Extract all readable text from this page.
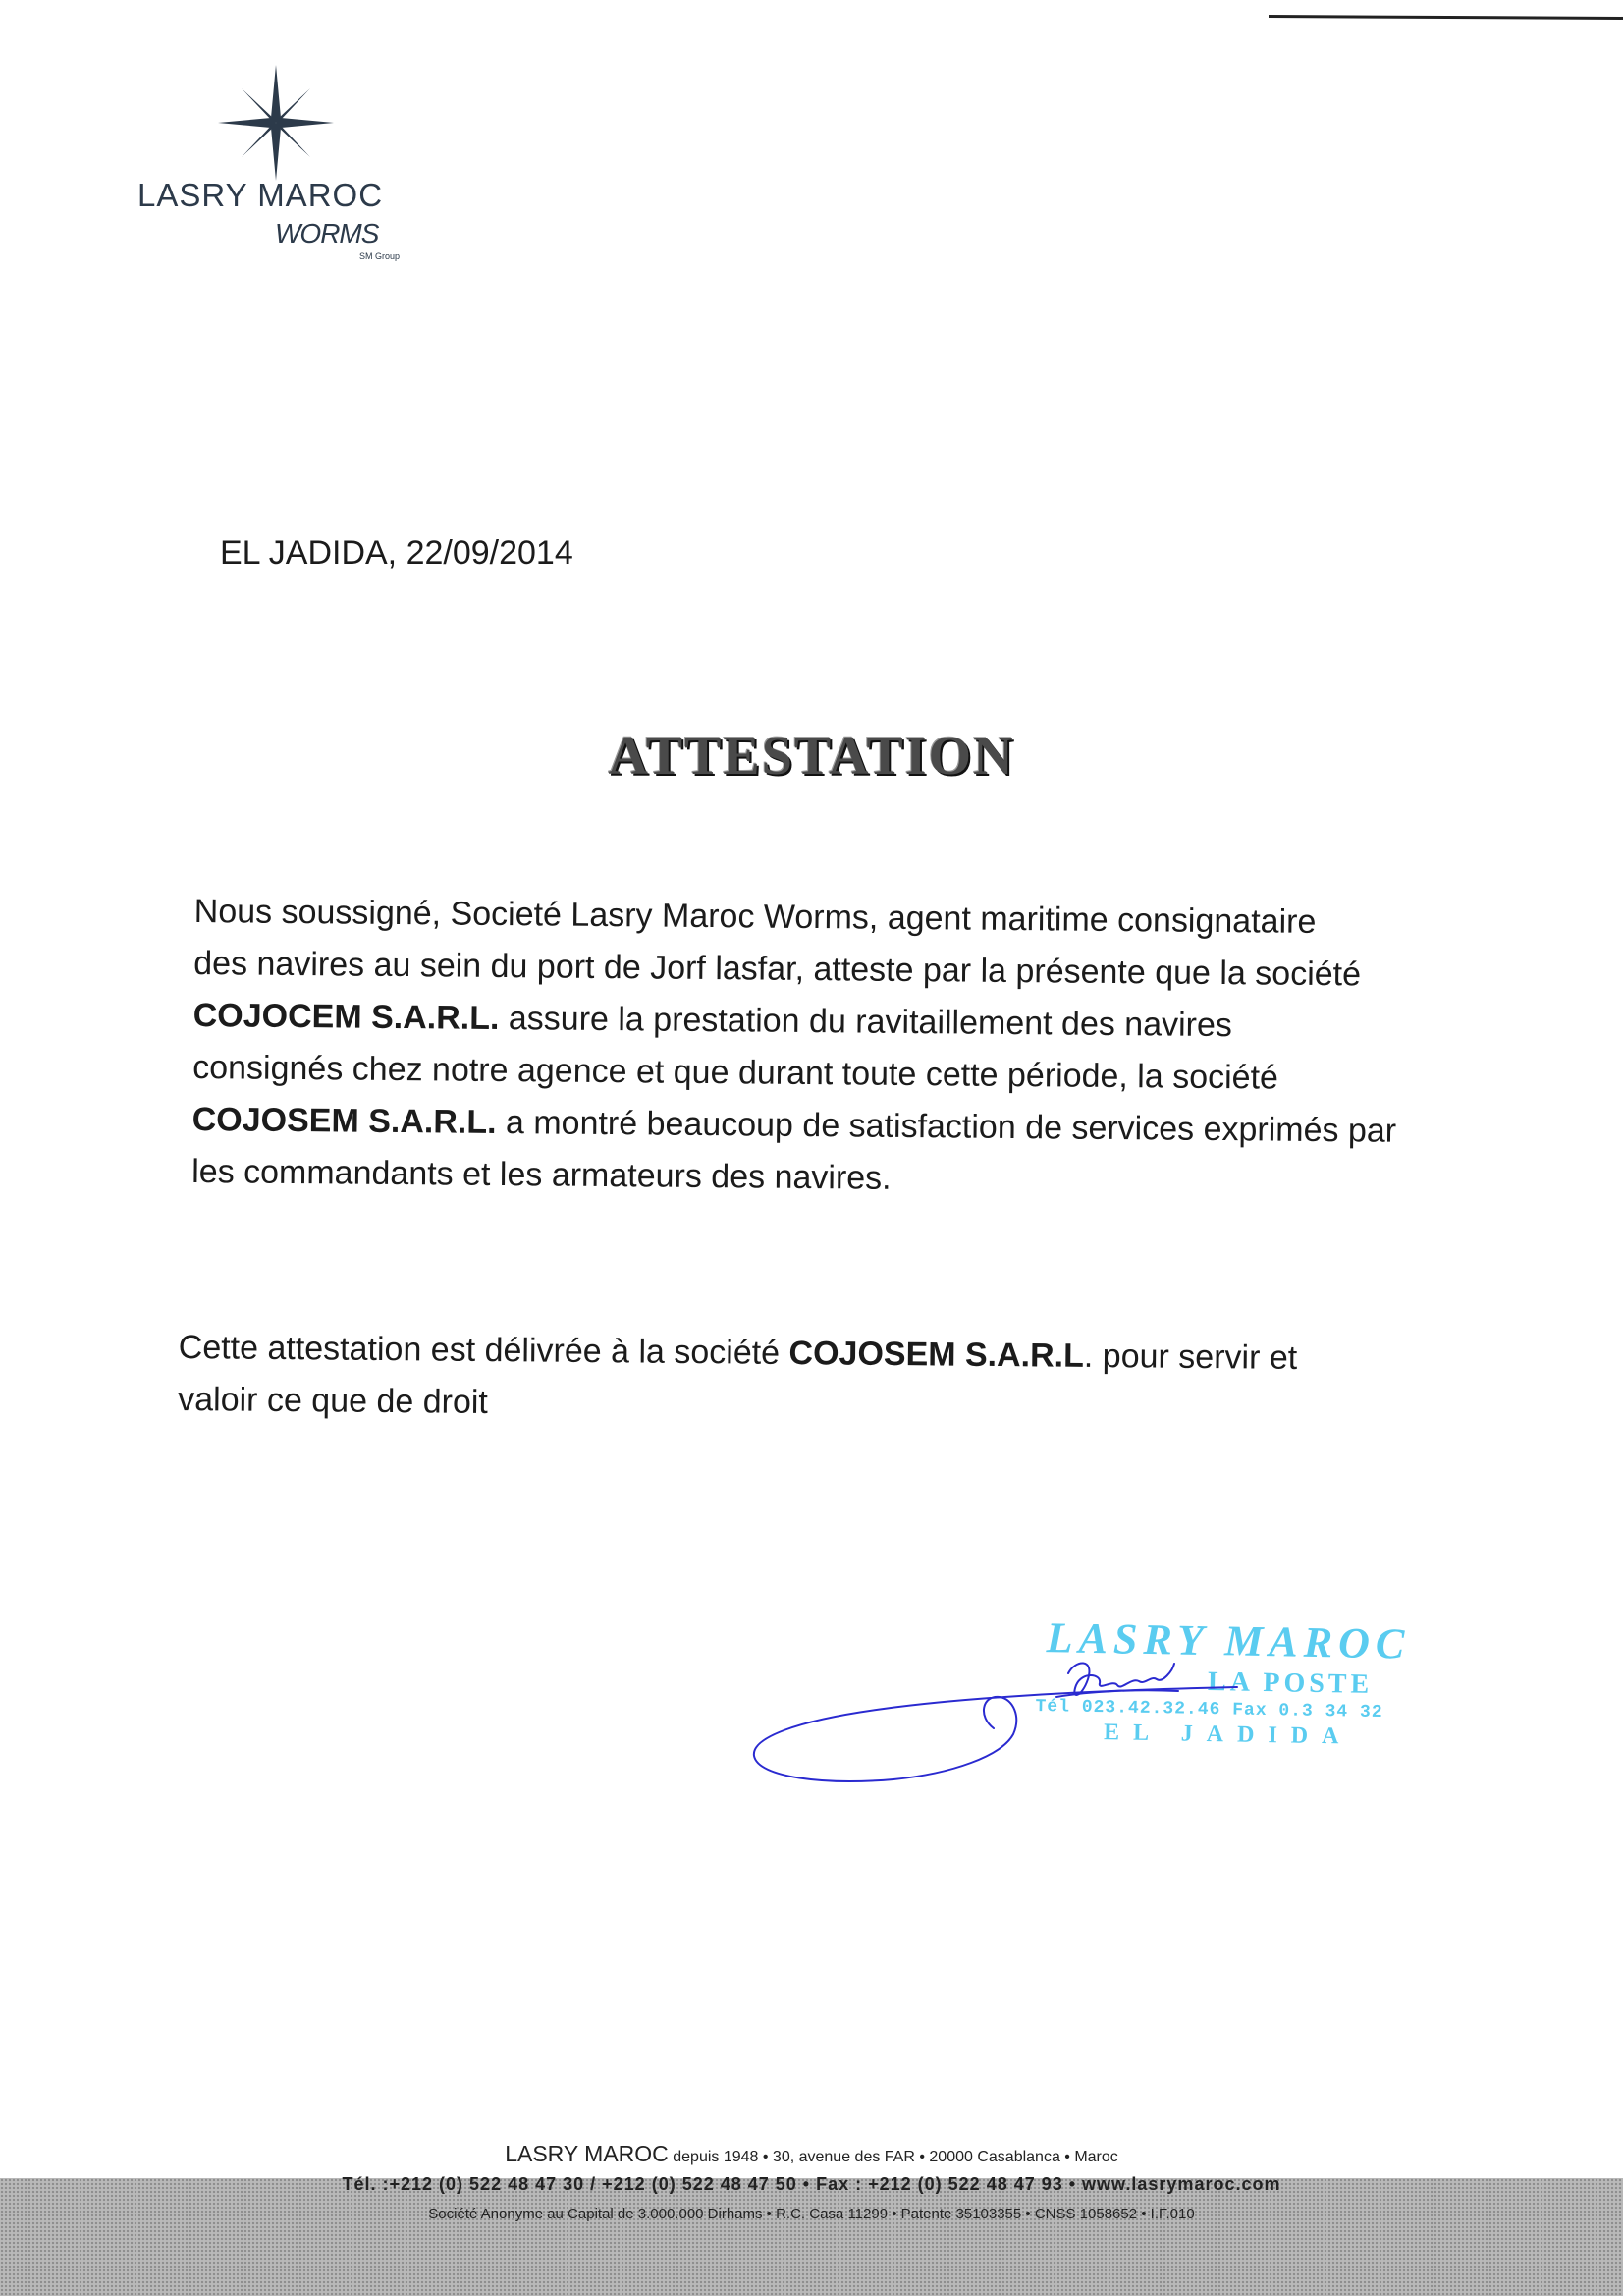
LASRY MAROC
WORMS
SM Group
EL JADIDA, 22/09/2014
ATTESTATION
Nous soussigné, Societé Lasry Maroc Worms, agent maritime consignataire
des navires au sein du port de Jorf lasfar, atteste par la présente que la société
COJOCEM S.A.R.L. assure la prestation du ravitaillement des navires
consignés chez notre agence et que durant toute cette période, la société
COJOSEM S.A.R.L. a montré beaucoup de satisfaction de services exprimés par
les commandants et les armateurs des navires.
Cette attestation est délivrée à la société COJOSEM S.A.R.L. pour servir et
valoir ce que de droit
LASRY MAROC
LA POSTE
Tél 023.42.32.46 Fax 0.3 34 32
EL JADIDA
LASRY MAROC depuis 1948 • 30, avenue des FAR • 20000 Casablanca • Maroc
Tél. :+212 (0) 522 48 47 30 / +212 (0) 522 48 47 50 • Fax : +212 (0) 522 48 47 93 • www.lasrymaroc.com
Société Anonyme au Capital de 3.000.000 Dirhams • R.C. Casa 11299 • Patente 35103355 • CNSS 1058652 • I.F.010
